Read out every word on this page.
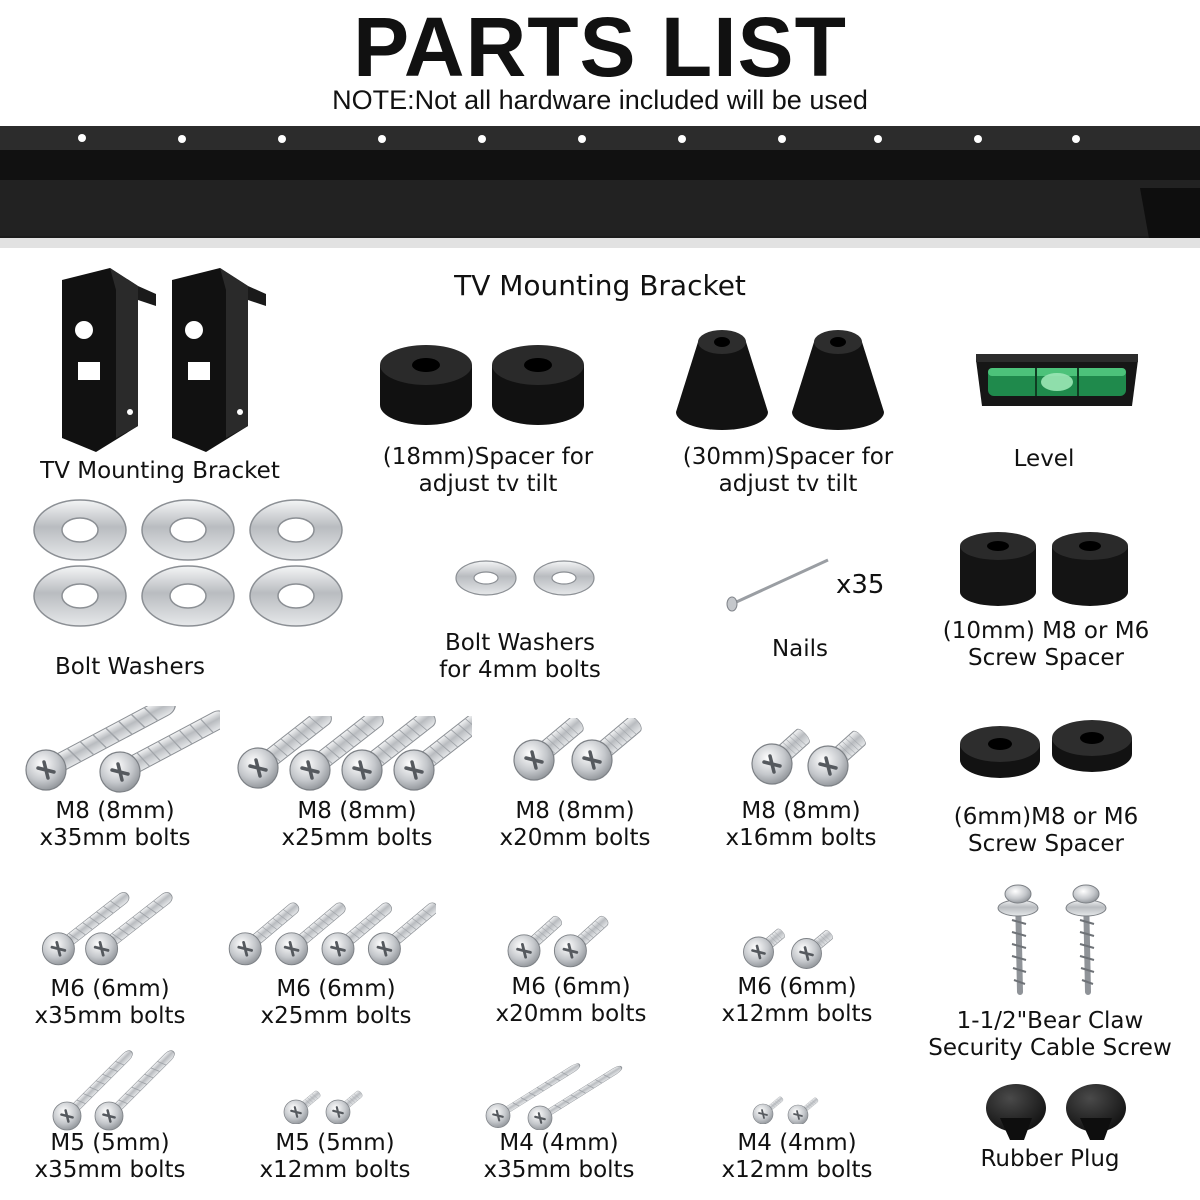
PARTS LIST
NOTE:Not all hardware included will be used
TV Mounting Bracket
TV Mounting Bracket
(18mm)Spacer for
adjust tv tilt
(30mm)Spacer for
adjust tv tilt
Level
Bolt Washers
Bolt Washers
for 4mm bolts
x35
Nails
(10mm) M8 or M6
Screw Spacer
(6mm)M8 or M6
Screw Spacer
M8 (8mm)
x35mm bolts
M8 (8mm)
x25mm bolts
M8 (8mm)
x20mm bolts
M8 (8mm)
x16mm bolts
M6 (6mm)
x35mm bolts
M6 (6mm)
x25mm bolts
M6 (6mm)
x20mm bolts
M6 (6mm)
x12mm bolts	1-1/2"Bear Claw
Security Cable Screw
M5 (5mm)
x35mm bolts
M5 (5mm)
x12mm bolts
M4 (4mm)
x35mm bolts
M4 (4mm)
x12mm bolts	Rubber Plug
